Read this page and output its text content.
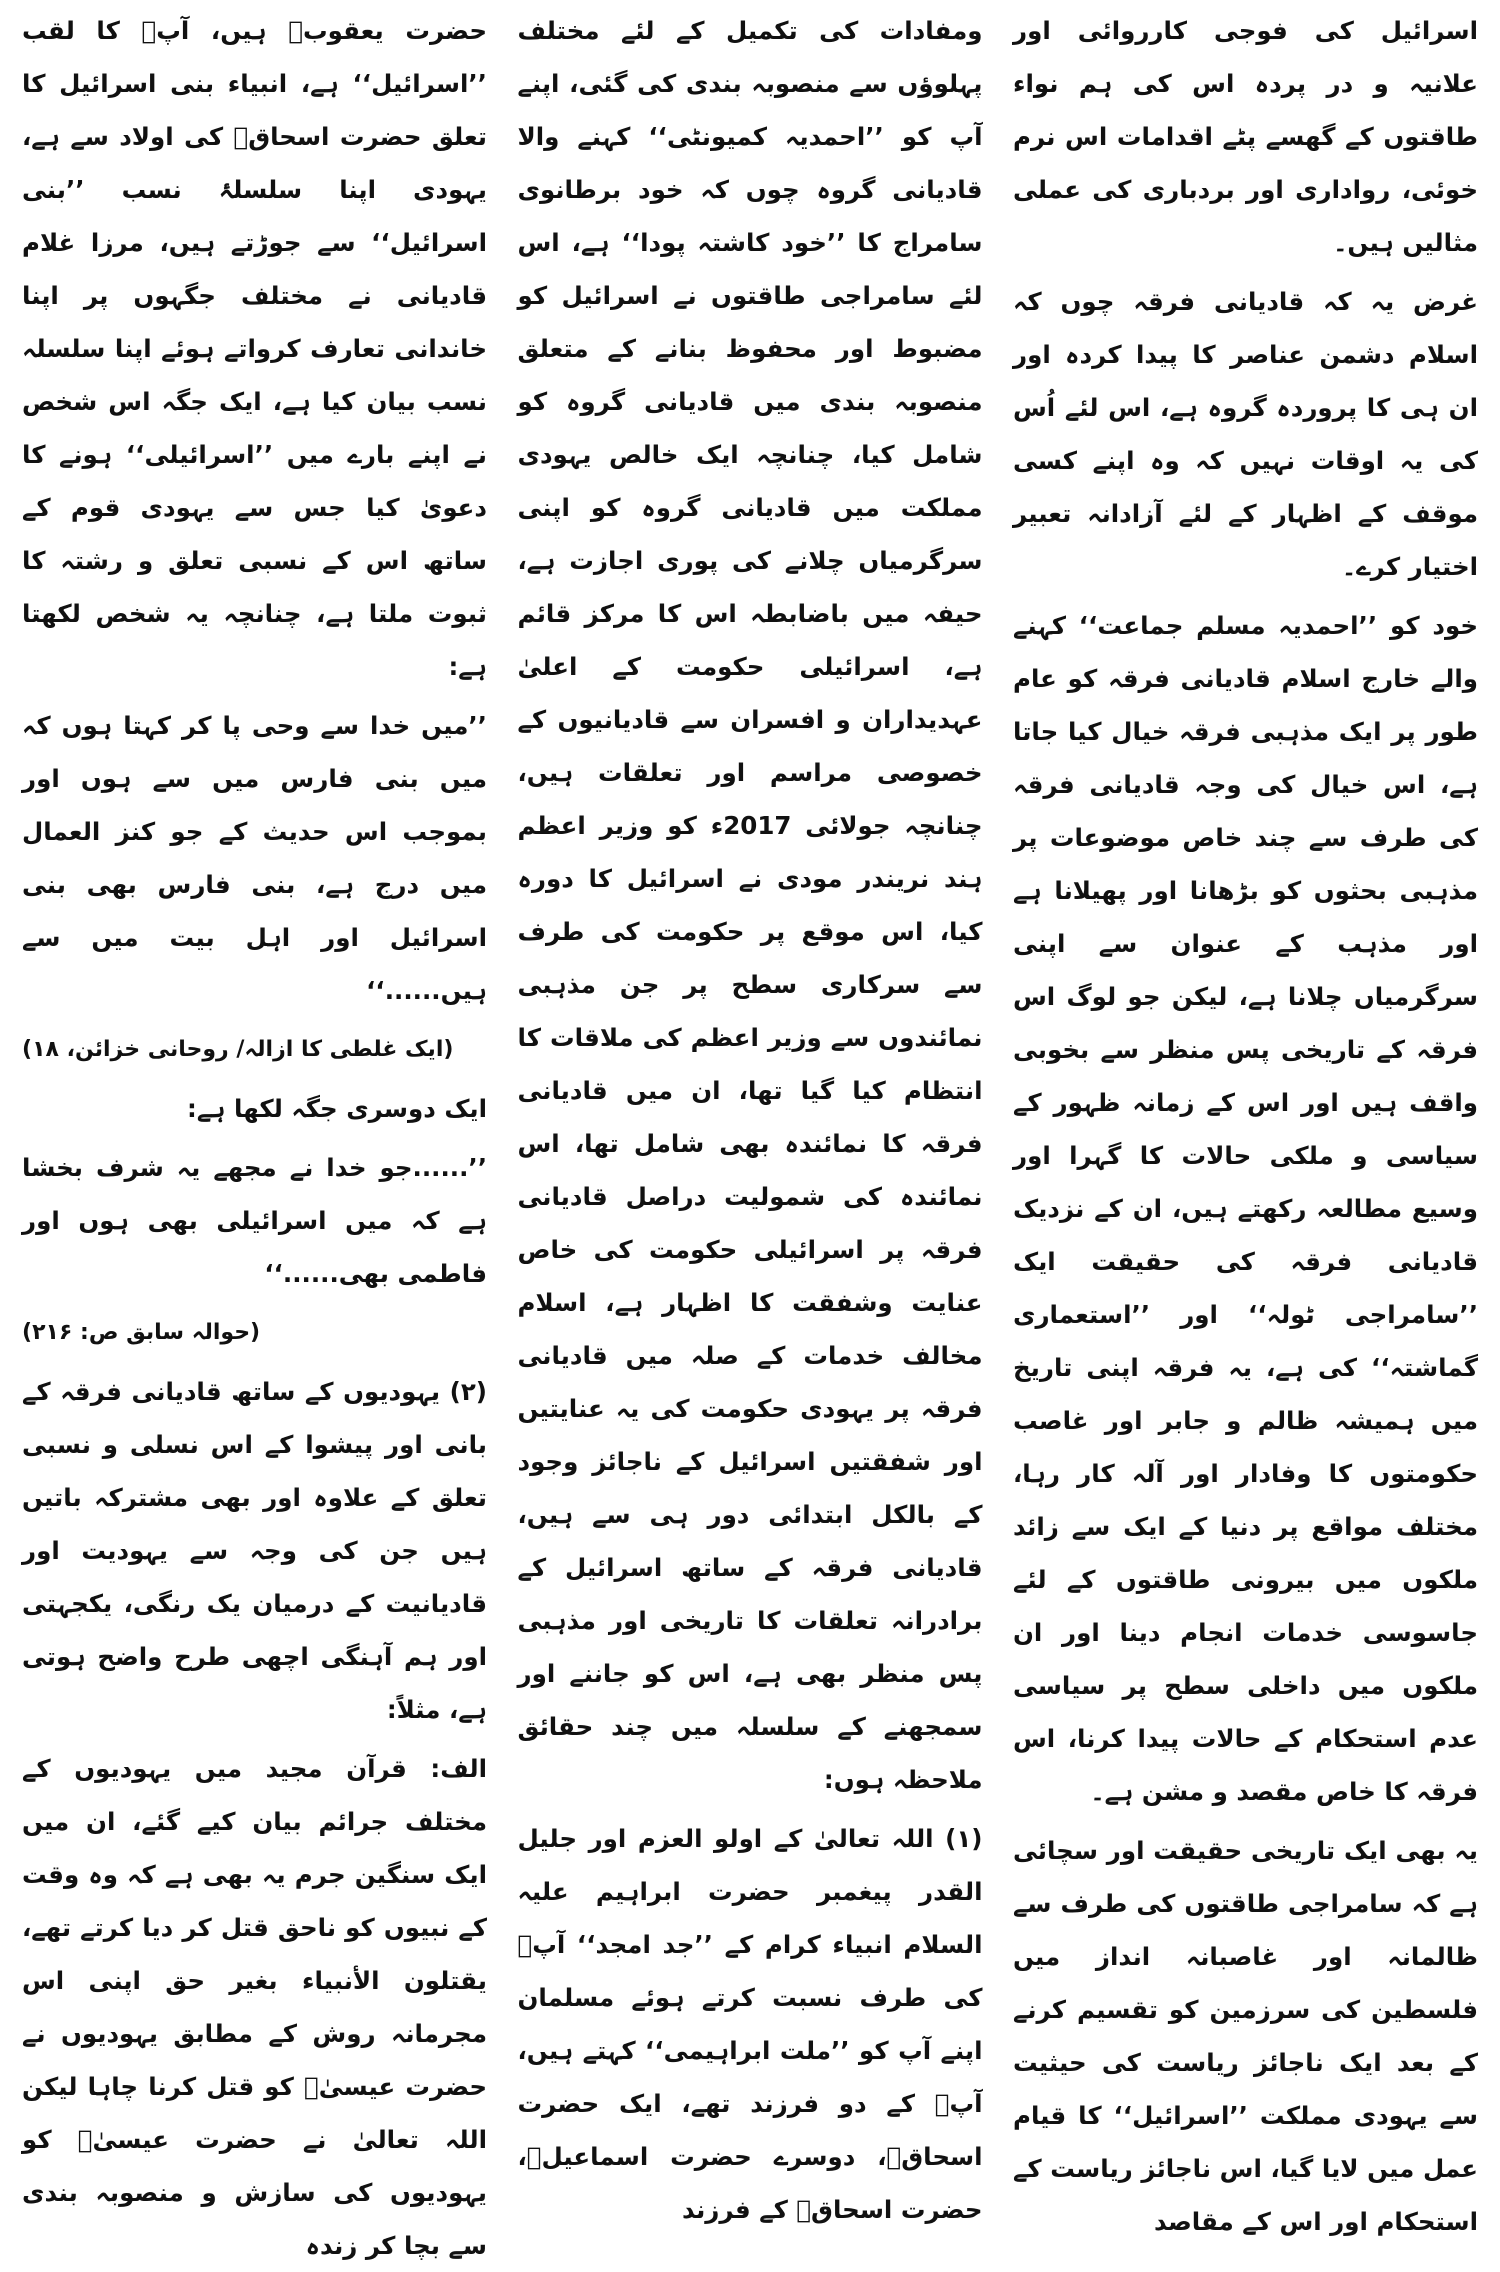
اسرائیل کی فوجی کارروائی اور علانیہ و در پردہ اس کی ہم نواء طاقتوں کے گھسے پٹے اقدامات اس نرم خوئی، رواداری اور بردباری کی عملی مثالیں ہیں۔

غرض یہ کہ قادیانی فرقہ چوں کہ اسلام دشمن عناصر کا پیدا کردہ اور ان ہی کا پروردہ گروہ ہے، اس لئے اُس کی یہ اوقات نہیں کہ وہ اپنے کسی موقف کے اظہار کے لئے آزادانہ تعبیر اختیار کرے۔

خود کو ’’احمدیہ مسلم جماعت‘‘ کہنے والے خارج اسلام قادیانی فرقہ کو عام طور پر ایک مذہبی فرقہ خیال کیا جاتا ہے، اس خیال کی وجہ قادیانی فرقہ کی طرف سے چند خاص موضوعات پر مذہبی بحثوں کو بڑھانا اور پھیلانا ہے اور مذہب کے عنوان سے اپنی سرگرمیاں چلانا ہے، لیکن جو لوگ اس فرقہ کے تاریخی پس منظر سے بخوبی واقف ہیں اور اس کے زمانہ ظہور کے سیاسی و ملکی حالات کا گہرا اور وسیع مطالعہ رکھتے ہیں، ان کے نزدیک قادیانی فرقہ کی حقیقت ایک ’’سامراجی ٹولہ‘‘ اور ’’استعماری گماشتہ‘‘ کی ہے، یہ فرقہ اپنی تاریخ میں ہمیشہ ظالم و جابر اور غاصب حکومتوں کا وفادار اور آلہ کار رہا، مختلف مواقع پر دنیا کے ایک سے زائد ملکوں میں بیرونی طاقتوں کے لئے جاسوسی خدمات انجام دینا اور ان ملکوں میں داخلی سطح پر سیاسی عدم استحکام کے حالات پیدا کرنا، اس فرقہ کا خاص مقصد و مشن ہے۔

یہ بھی ایک تاریخی حقیقت اور سچائی ہے کہ سامراجی طاقتوں کی طرف سے ظالمانہ اور غاصبانہ انداز میں فلسطین کی سرزمین کو تقسیم کرنے کے بعد ایک ناجائز ریاست کی حیثیت سے یہودی مملکت ’’اسرائیل‘‘ کا قیام عمل میں لایا گیا، اس ناجائز ریاست کے استحکام اور اس کے مقاصد

ومفادات کی تکمیل کے لئے مختلف پہلوؤں سے منصوبہ بندی کی گئی، اپنے آپ کو ’’احمدیہ کمیونٹی‘‘ کہنے والا قادیانی گروہ چوں کہ خود برطانوی سامراج کا ’’خود کاشتہ پودا‘‘ ہے، اس لئے سامراجی طاقتوں نے اسرائیل کو مضبوط اور محفوظ بنانے کے متعلق منصوبہ بندی میں قادیانی گروہ کو شامل کیا، چنانچہ ایک خالص یہودی مملکت میں قادیانی گروہ کو اپنی سرگرمیاں چلانے کی پوری اجازت ہے، حیفہ میں باضابطہ اس کا مرکز قائم ہے، اسرائیلی حکومت کے اعلیٰ عہدیداران و افسران سے قادیانیوں کے خصوصی مراسم اور تعلقات ہیں، چنانچہ جولائی 2017ء کو وزیر اعظم ہند نریندر مودی نے اسرائیل کا دورہ کیا، اس موقع پر حکومت کی طرف سے سرکاری سطح پر جن مذہبی نمائندوں سے وزیر اعظم کی ملاقات کا انتظام کیا گیا تھا، ان میں قادیانی فرقہ کا نمائندہ بھی شامل تھا، اس نمائندہ کی شمولیت دراصل قادیانی فرقہ پر اسرائیلی حکومت کی خاص عنایت وشفقت کا اظہار ہے، اسلام مخالف خدمات کے صلہ میں قادیانی فرقہ پر یہودی حکومت کی یہ عنایتیں اور شفقتیں اسرائیل کے ناجائز وجود کے بالکل ابتدائی دور ہی سے ہیں، قادیانی فرقہ کے ساتھ اسرائیل کے برادرانہ تعلقات کا تاریخی اور مذہبی پس منظر بھی ہے، اس کو جاننے اور سمجھنے کے سلسلہ میں چند حقائق ملاحظہ ہوں:

(۱) اللہ تعالیٰ کے اولو العزم اور جلیل القدر پیغمبر حضرت ابراہیم علیہ السلام انبیاء کرام کے ’’جد امجد‘‘ آپؑ کی طرف نسبت کرتے ہوئے مسلمان اپنے آپ کو ’’ملت ابراہیمی‘‘ کہتے ہیں، آپؑ کے دو فرزند تھے، ایک حضرت اسحاقؑ، دوسرے حضرت اسماعیلؑ، حضرت اسحاقؑ کے فرزند

حضرت یعقوبؑ ہیں، آپؑ کا لقب ’’اسرائیل‘‘ ہے، انبیاء بنی اسرائیل کا تعلق حضرت اسحاقؑ کی اولاد سے ہے، یہودی اپنا سلسلۂ نسب ’’بنی اسرائیل‘‘ سے جوڑتے ہیں، مرزا غلام قادیانی نے مختلف جگہوں پر اپنا خاندانی تعارف کرواتے ہوئے اپنا سلسلہ نسب بیان کیا ہے، ایک جگہ اس شخص نے اپنے بارے میں ’’اسرائیلی‘‘ ہونے کا دعویٰ کیا جس سے یہودی قوم کے ساتھ اس کے نسبی تعلق و رشتہ کا ثبوت ملتا ہے، چنانچہ یہ شخص لکھتا ہے:

’’میں خدا سے وحی پا کر کہتا ہوں کہ میں بنی فارس میں سے ہوں اور بموجب اس حدیث کے جو کنز العمال میں درج ہے، بنی فارس بھی بنی اسرائیل اور اہل بیت میں سے ہیں......‘‘

(ایک غلطی کا ازالہ/ روحانی خزائن، ۱۸)

ایک دوسری جگہ لکھا ہے:

’’......جو خدا نے مجھے یہ شرف بخشا ہے کہ میں اسرائیلی بھی ہوں اور فاطمی بھی......‘‘

(حوالہ سابق ص: ۲۱۶)

(۲) یہودیوں کے ساتھ قادیانی فرقہ کے بانی اور پیشوا کے اس نسلی و نسبی تعلق کے علاوہ اور بھی مشترکہ باتیں ہیں جن کی وجہ سے یہودیت اور قادیانیت کے درمیان یک رنگی، یکجہتی اور ہم آہنگی اچھی طرح واضح ہوتی ہے، مثلاً:

الف: قرآن مجید میں یہودیوں کے مختلف جرائم بیان کیے گئے، ان میں ایک سنگین جرم یہ بھی ہے کہ وہ وقت کے نبیوں کو ناحق قتل کر دیا کرتے تھے، یقتلون الأنبیاء بغیر حق اپنی اس مجرمانہ روش کے مطابق یہودیوں نے حضرت عیسیٰؑ کو قتل کرنا چاہا لیکن اللہ تعالیٰ نے حضرت عیسیٰؑ کو یہودیوں کی سازش و منصوبہ بندی سے بچا کر زندہ
